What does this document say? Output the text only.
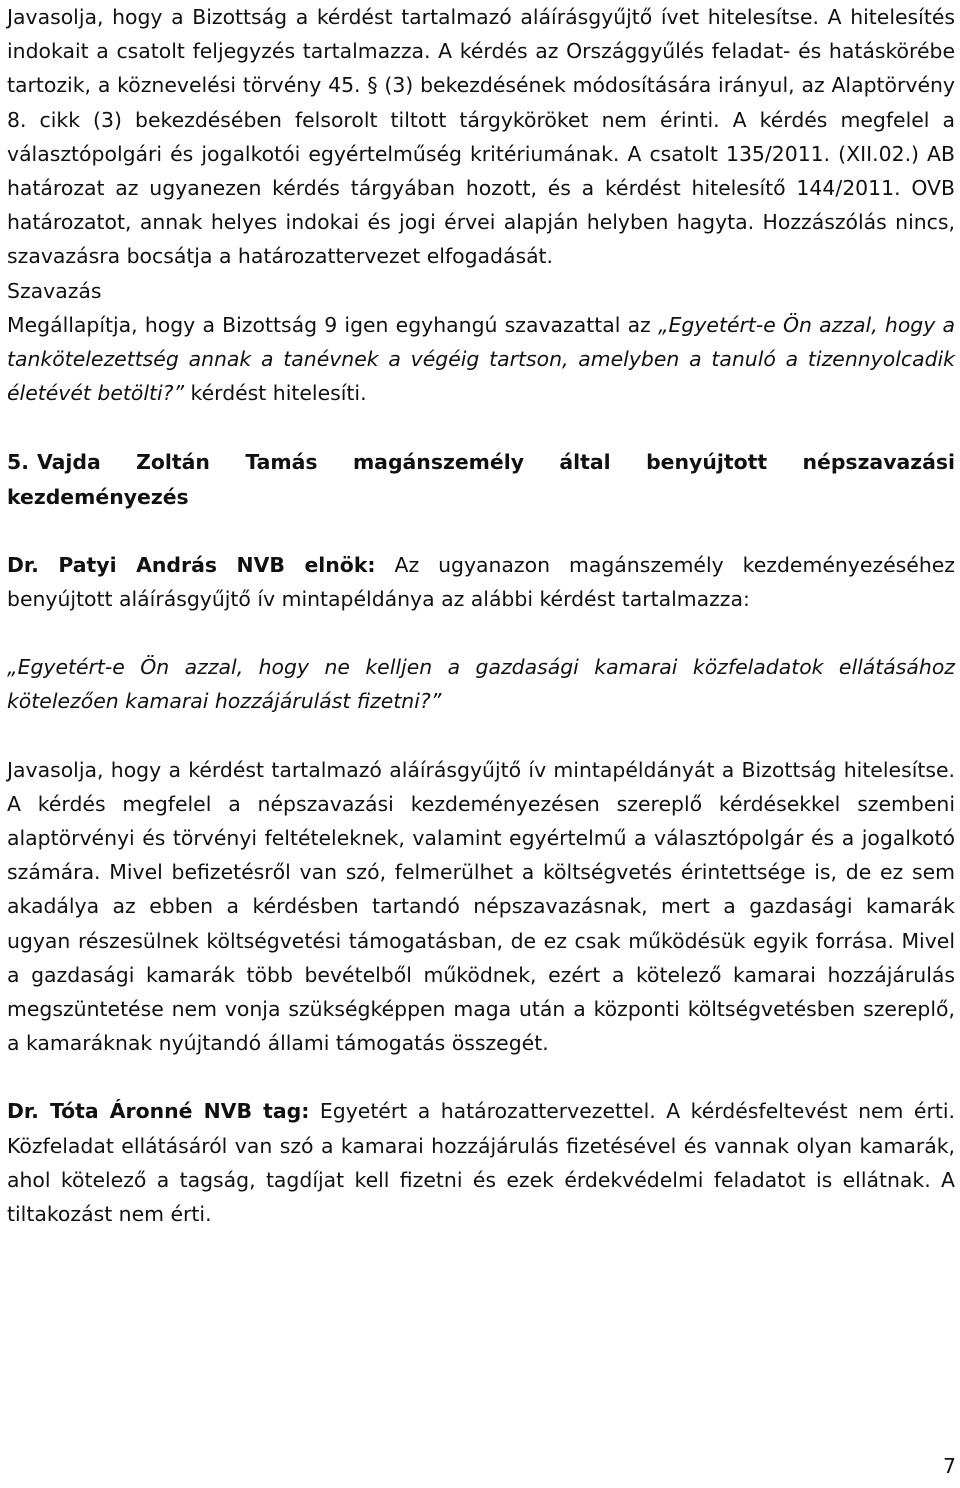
Javasolja, hogy a Bizottság a kérdést tartalmazó aláírásgyűjtő ívet hitelesítse. A hitelesítés indokait a csatolt feljegyzés tartalmazza. A kérdés az Országgyűlés feladat- és hatáskörébe tartozik, a köznevelési törvény 45. § (3) bekezdésének módosítására irányul, az Alaptörvény 8. cikk (3) bekezdésében felsorolt tiltott tárgyköröket nem érinti. A kérdés megfelel a választópolgári és jogalkotói egyértelműség kritériumának. A csatolt 135/2011. (XII.02.) AB határozat az ugyanezen kérdés tárgyában hozott, és a kérdést hitelesítő 144/2011. OVB határozatot, annak helyes indokai és jogi érvei alapján helyben hagyta. Hozzászólás nincs, szavazásra bocsátja a határozattervezet elfogadását.

Szavazás

Megállapítja, hogy a Bizottság 9 igen egyhangú szavazattal az „Egyetért-e Ön azzal, hogy a tankötelezettség annak a tanévnek a végéig tartson, amelyben a tanuló a tizennyolcadik életévét betölti?” kérdést hitelesíti.

5. Vajda Zoltán Tamás magánszemély által benyújtott népszavazási kezdeményezés

Dr. Patyi András NVB elnök: Az ugyanazon magánszemély kezdeményezéséhez benyújtott aláírásgyűjtő ív mintapéldánya az alábbi kérdést tartalmazza:

„Egyetért-e Ön azzal, hogy ne kelljen a gazdasági kamarai közfeladatok ellátásához kötelezően kamarai hozzájárulást fizetni?”

Javasolja, hogy a kérdést tartalmazó aláírásgyűjtő ív mintapéldányát a Bizottság hitelesítse. A kérdés megfelel a népszavazási kezdeményezésen szereplő kérdésekkel szembeni alaptörvényi és törvényi feltételeknek, valamint egyértelmű a választópolgár és a jogalkotó számára. Mivel befizetésről van szó, felmerülhet a költségvetés érintettsége is, de ez sem akadálya az ebben a kérdésben tartandó népszavazásnak, mert a gazdasági kamarák ugyan részesülnek költségvetési támogatásban, de ez csak működésük egyik forrása. Mivel a gazdasági kamarák több bevételből működnek, ezért a kötelező kamarai hozzájárulás megszüntetése nem vonja szükségképpen maga után a központi költségvetésben szereplő, a kamaráknak nyújtandó állami támogatás összegét.

Dr. Tóta Áronné NVB tag: Egyetért a határozattervezettel. A kérdésfeltevést nem érti. Közfeladat ellátásáról van szó a kamarai hozzájárulás fizetésével és vannak olyan kamarák, ahol kötelező a tagság, tagdíjat kell fizetni és ezek érdekvédelmi feladatot is ellátnak. A tiltakozást nem érti.

7
